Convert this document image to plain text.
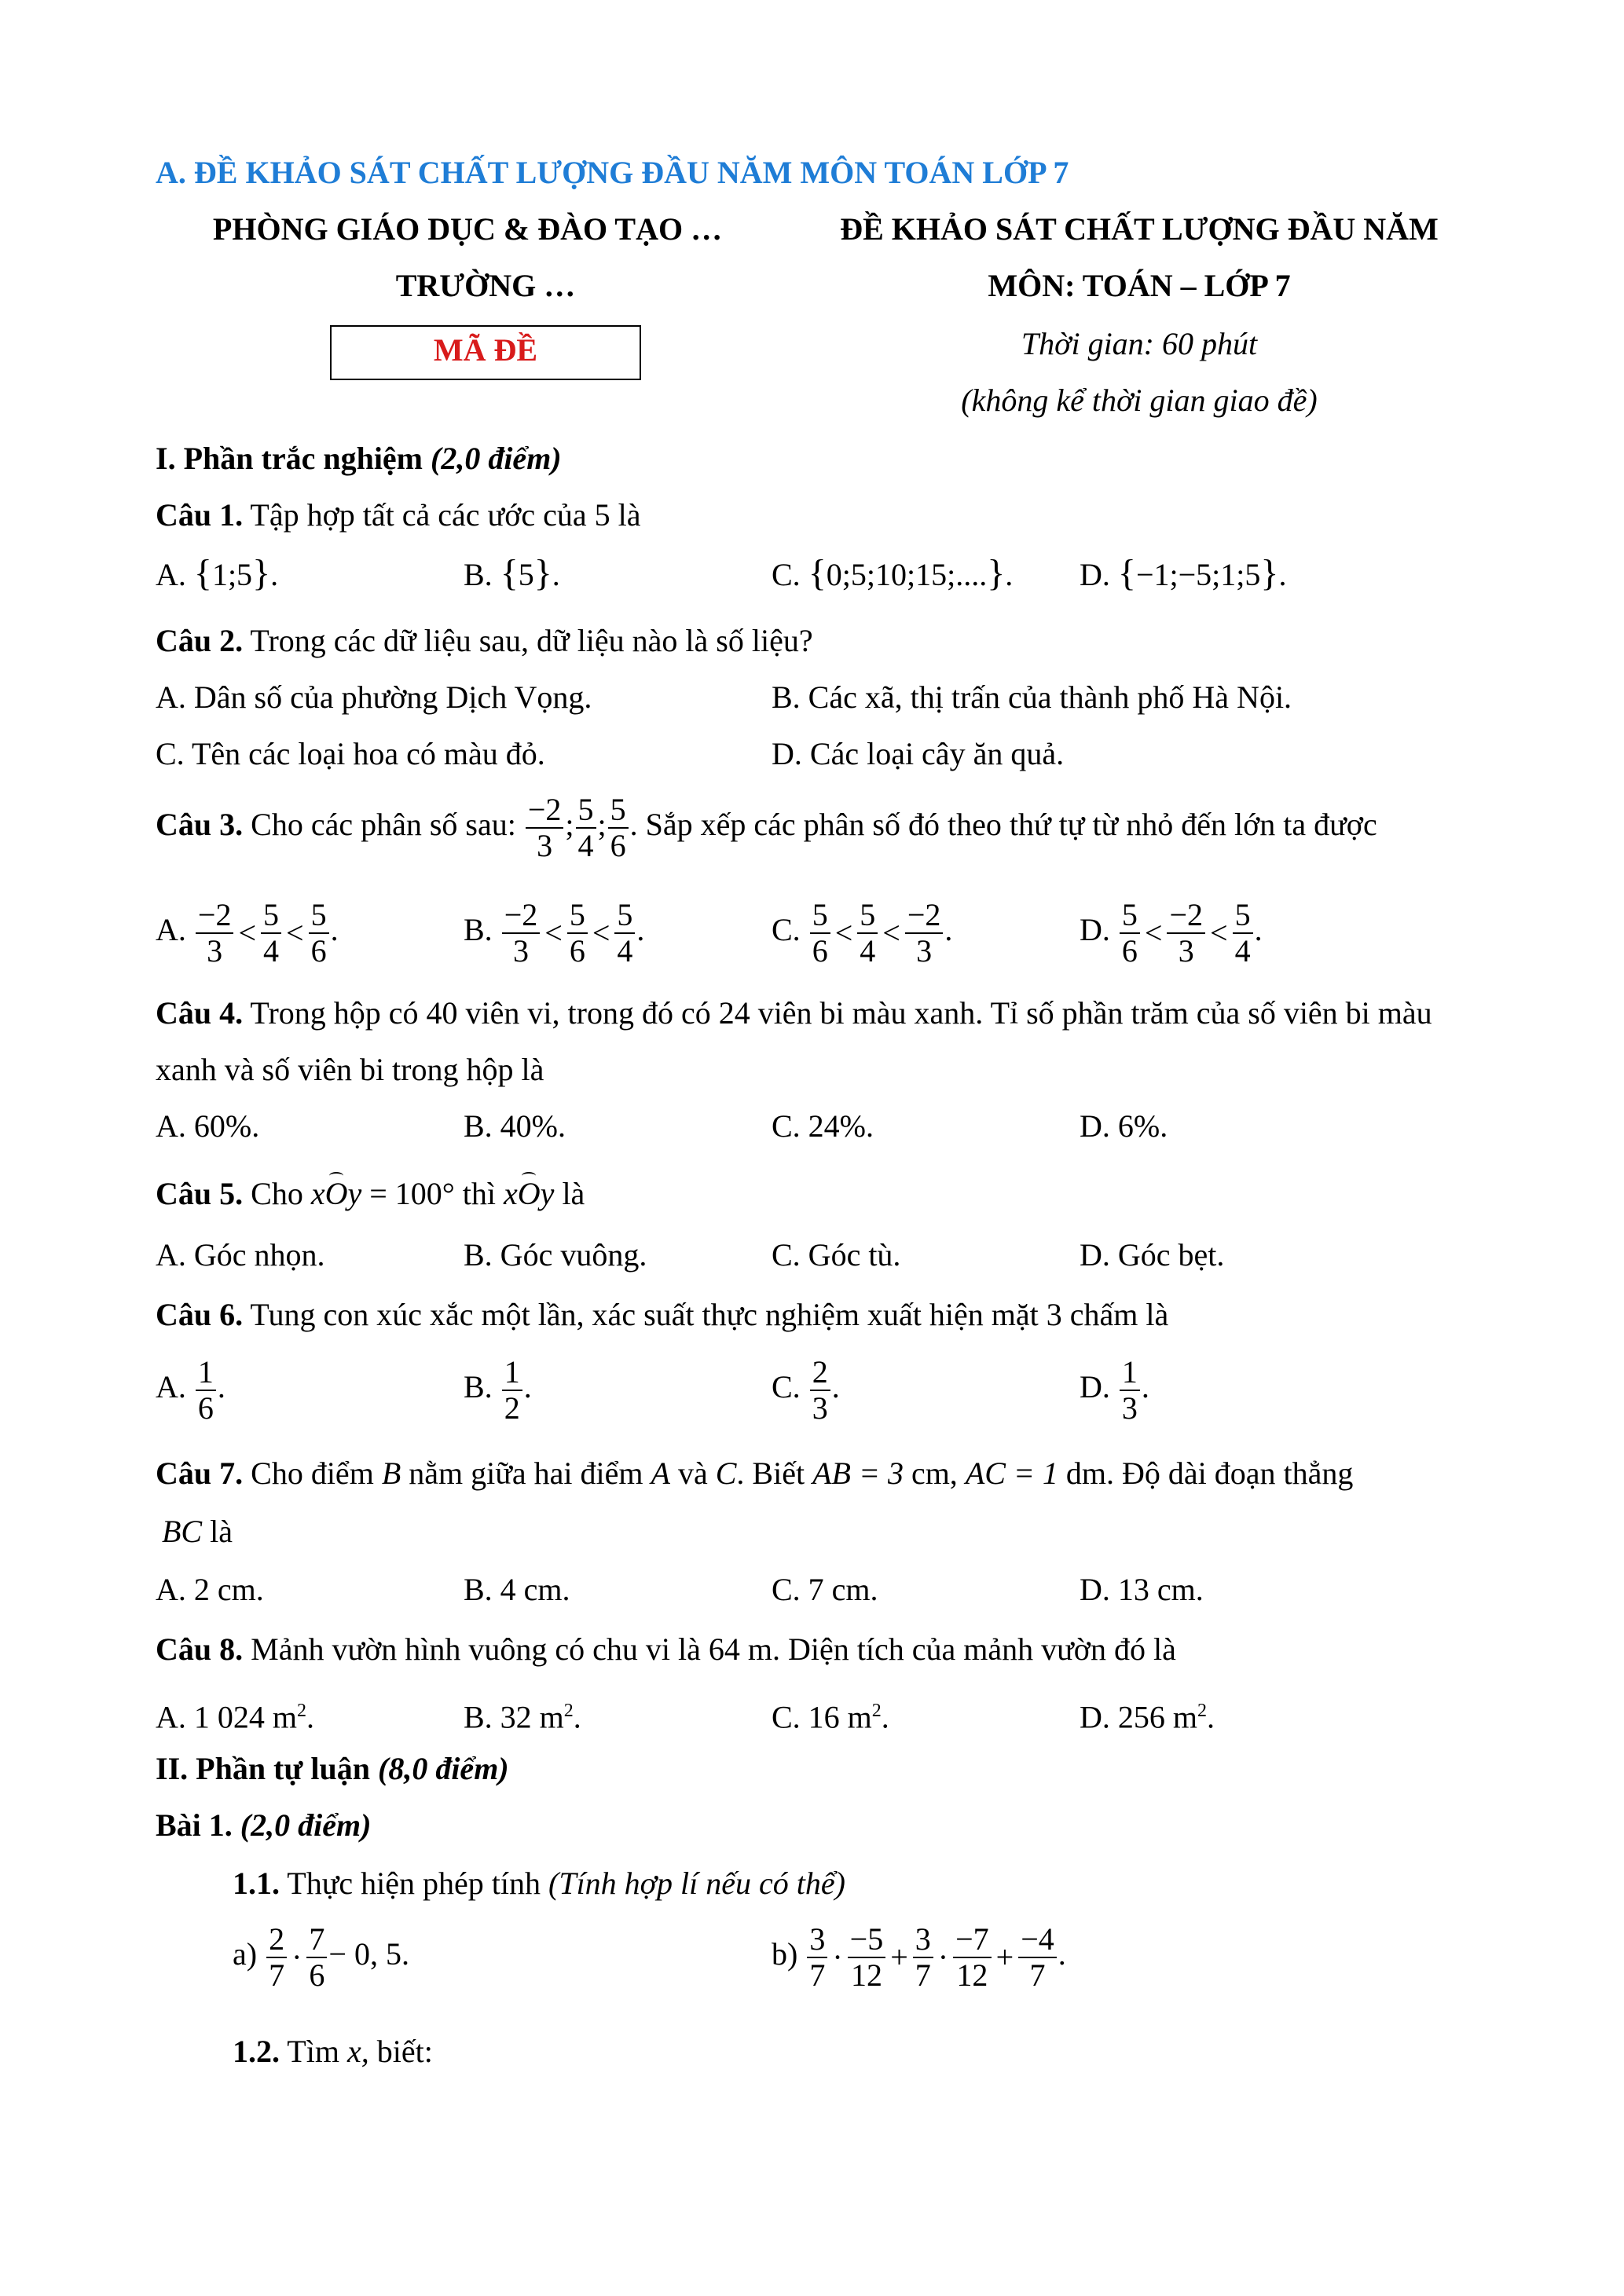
A. ĐỀ KHẢO SÁT CHẤT LƯỢNG ĐẦU NĂM MÔN TOÁN LỚP 7
PHÒNG GIÁO DỤC & ĐÀO TẠO …
TRƯỜNG …
MÃ ĐỀ
ĐỀ KHẢO SÁT CHẤT LƯỢNG ĐẦU NĂM
MÔN: TOÁN – LỚP 7
Thời gian: 60 phút
(không kể thời gian giao đề)
I. Phần trắc nghiệm (2,0 điểm)
Câu 1. Tập hợp tất cả các ước của 5 là
A. {1;5}.	B. {5}.	C. {0;5;10;15;....}. D. {−1;−5;1;5}.
Câu 2. Trong các dữ liệu sau, dữ liệu nào là số liệu?
A. Dân số của phường Dịch Vọng.	B. Các xã, thị trấn của thành phố Hà Nội.
C. Tên các loại hoa có màu đỏ.	D. Các loại cây ăn quả.
Câu 3. Cho các phân số sau: $\frac{-2}{3}$ ; $\frac{5}{4}$ ; $\frac{5}{6}$ . Sắp xếp các phân số đó theo thứ tự từ nhỏ đến lớn ta được
A. $\frac{-2}{3} < \frac{5}{4} < \frac{5}{6}$ .	B. $\frac{-2}{3} < \frac{5}{6} < \frac{5}{4}$ .	C. $\frac{5}{6} < \frac{5}{4} < \frac{-2}{3}$ .	D. $\frac{5}{6} < \frac{-2}{3} < \frac{5}{4}$ .
Câu 4. Trong hộp có 40 viên vi, trong đó có 24 viên bi màu xanh. Tỉ số phần trăm của số viên bi màu
xanh và số viên bi trong hộp là
A. 60%.	B. 40%.	C. 24%.	D. 6%.
Câu 5. Cho xOy = 100° thì xOy là
A. Góc nhọn.	B. Góc vuông.	C. Góc tù.	D. Góc bẹt.
Câu 6. Tung con xúc xắc một lần, xác suất thực nghiệm xuất hiện mặt 3 chấm là
A. $\frac{1}{6}$ .	B. $\frac{1}{2}$ .	C. $\frac{2}{3}$ .	D. $\frac{1}{3}$ .
Câu 7. Cho điểm B nằm giữa hai điểm A và C. Biết AB = 3 cm, AC = 1 dm. Độ dài đoạn thẳng
BC là
A. 2 cm.	B. 4 cm.	C. 7 cm.	D. 13 cm.
Câu 8. Mảnh vườn hình vuông có chu vi là 64 m. Diện tích của mảnh vườn đó là
A. 1 024 $m^2$.	B. 32 $m^2$.	C. 16 $m^2$.	D. 256 $m^2$.
II. Phần tự luận (8,0 điểm)
Bài 1. (2,0 điểm)
1.1. Thực hiện phép tính (Tính hợp lí nếu có thể)
$a) \frac{2}{7} \cdot \frac{7}{6} - 0$, 5.	$b) \frac{3}{7} \cdot \frac{-5}{12} + \frac{3}{7} \cdot \frac{-7}{12} + \frac{-4}{7}$ .
1.2. Tìm x, biết:
